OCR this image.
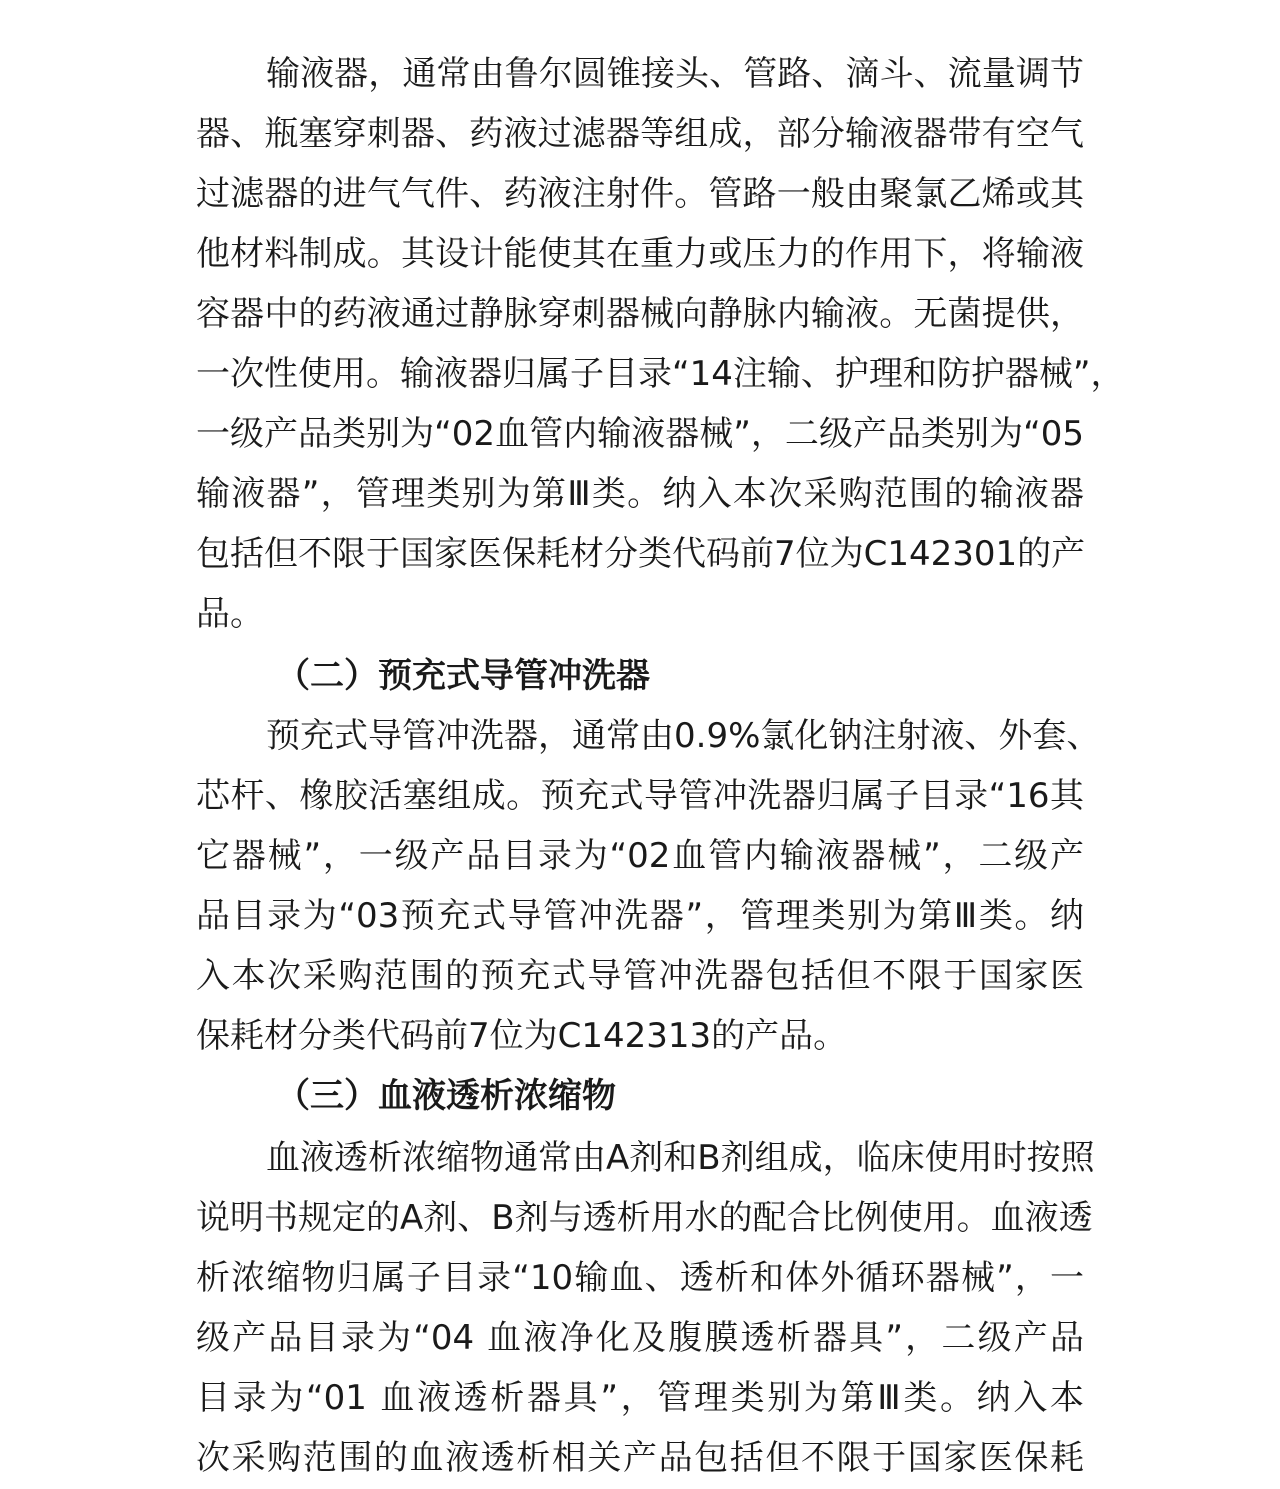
输液器，通常由鲁尔圆锥接头、管路、滴斗、流量调节
器、瓶塞穿刺器、药液过滤器等组成，部分输液器带有空气
过滤器的进气气件、药液注射件。管路一般由聚氯乙烯或其
他材料制成。其设计能使其在重力或压力的作用下，将输液
容器中的药液通过静脉穿刺器械向静脉内输液。无菌提供，
一次性使用。输液器归属子目录“14注输、护理和防护器械”，
一级产品类别为“02血管内输液器械”，二级产品类别为“05
输液器”，管理类别为第Ⅲ类。纳入本次采购范围的输液器
包括但不限于国家医保耗材分类代码前7位为C142301的产
品。
（二）预充式导管冲洗器
预充式导管冲洗器，通常由0.9%氯化钠注射液、外套、
芯杆、橡胶活塞组成。预充式导管冲洗器归属子目录“16其
它器械”，一级产品目录为“02血管内输液器械”，二级产
品目录为“03预充式导管冲洗器”，管理类别为第Ⅲ类。纳
入本次采购范围的预充式导管冲洗器包括但不限于国家医
保耗材分类代码前7位为C142313的产品。
（三）血液透析浓缩物
血液透析浓缩物通常由A剂和B剂组成，临床使用时按照
说明书规定的A剂、B剂与透析用水的配合比例使用。血液透
析浓缩物归属子目录“10输血、透析和体外循环器械”，一
级产品目录为“04 血液净化及腹膜透析器具”，二级产品
目录为“01 血液透析器具”，管理类别为第Ⅲ类。纳入本
次采购范围的血液透析相关产品包括但不限于国家医保耗
